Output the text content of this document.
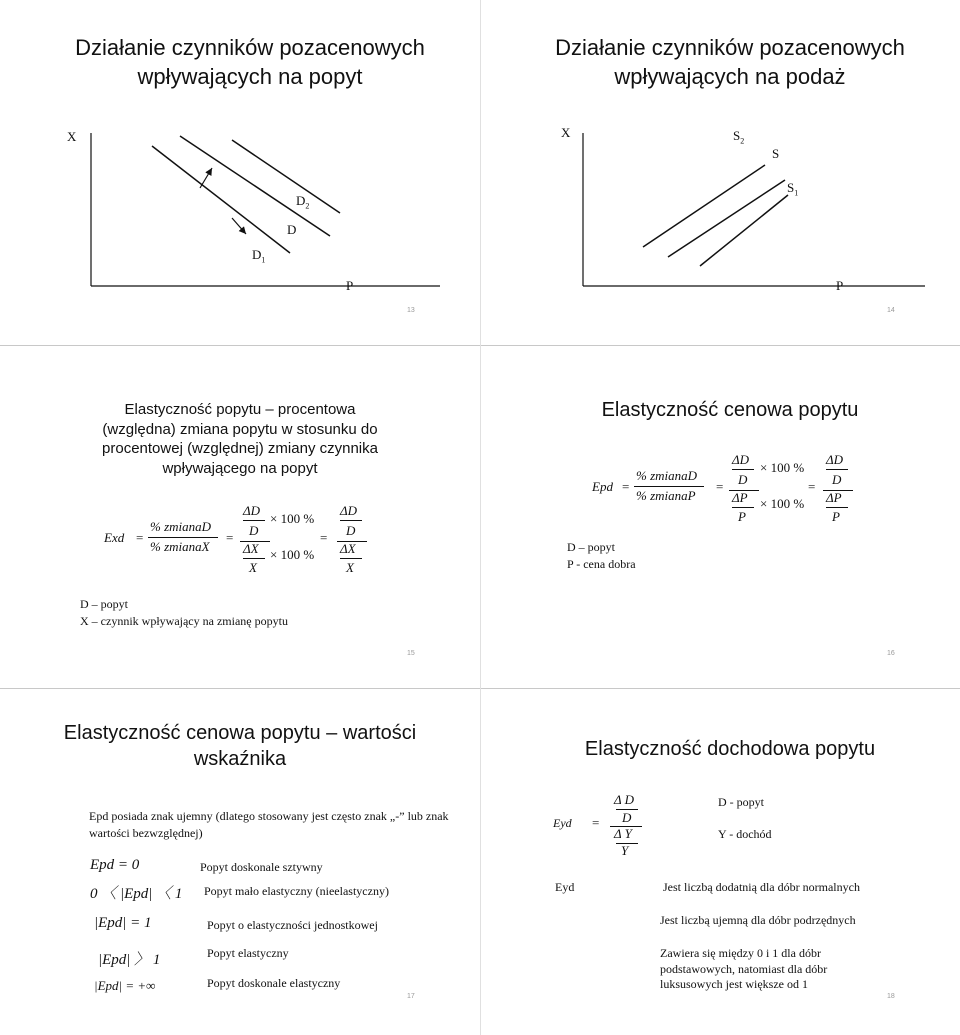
Działanie czynników pozacenowych wpływających na popyt
X
P
$D_2$
D
$D_1$
13
Działanie czynników pozacenowych wpływających na podaż
X
P
$S_2$
S
$S_1$
14
Elastyczność popytu – procentowa (względna) zmiana popytu w stosunku do procentowej (względnej) zmiany czynnika wpływającego na popyt
Exd =
% zmianaD
% zmianaX
=
ΔD
D
× 100 %
ΔX
X
× 100 %
=
ΔD
D
ΔX
X
D – popyt
X – czynnik wpływający na zmianę popytu
15
Elastyczność cenowa popytu
Epd =
% zmianaD
% zmianaP
=
ΔD
D
× 100 %
ΔP
P
× 100 %
=
ΔD
D
ΔP
P
D – popyt
P - cena dobra
16
Elastyczność cenowa popytu – wartości wskaźnika
Epd posiada znak ujemny (dlatego stosowany jest często znak „-” lub znak wartości bezwzględnej)
Epd = 0	Popyt doskonale sztywny
0 〈 |Epd| 〈 1 Popyt mało elastyczny (nieelastyczny)
|Epd| = 1	Popyt o elastyczności jednostkowej
|Epd| 〉 1	Popyt elastyczny
|Epd| = +∞	Popyt doskonale elastyczny
17
Elastyczność dochodowa popytu
Eyd =
Δ D
D
Δ Y
Y
D - popyt
Y - dochód
Eyd	Jest liczbą dodatnią dla dóbr normalnych
Jest liczbą ujemną dla dóbr podrzędnych
Zawiera się między 0 i 1 dla dóbr podstawowych, natomiast dla dóbr luksusowych jest większe od 1
18
